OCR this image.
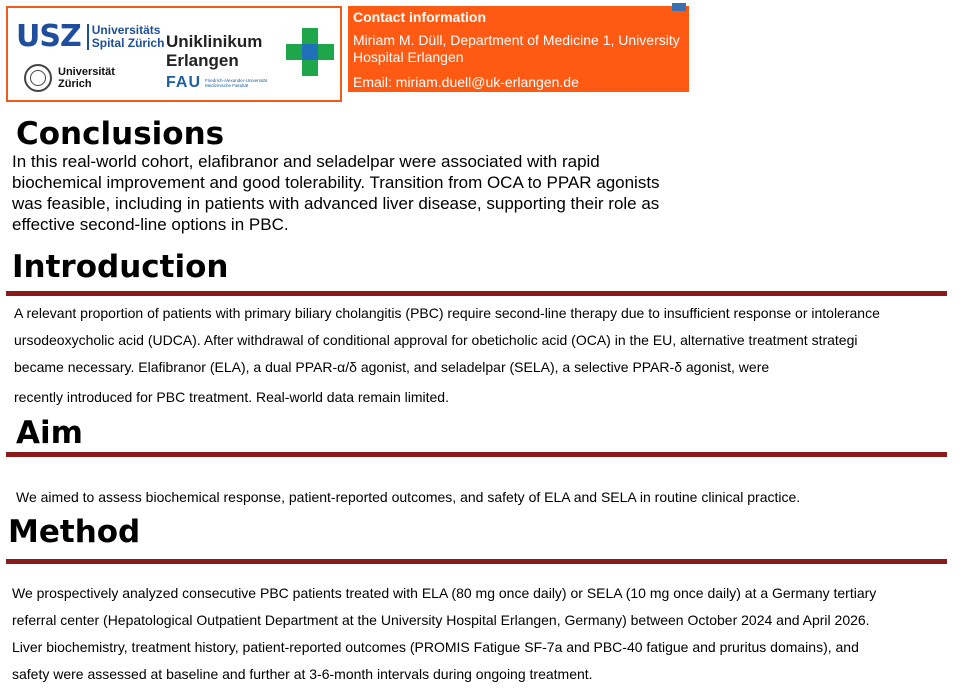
USZ Universitäts
Spital Zürich
Universität
Zürich
Uniklinikum
Erlangen
FAU Friedrich-Alexander-Universität
Medizinische Fakultät
Contact information
Miriam M. Düll, Department of Medicine 1, University
Hospital Erlangen
Email: miriam.duell@uk-erlangen.de
Conclusions
In this real-world cohort, elafibranor and seladelpar were associated with rapid
biochemical improvement and good tolerability. Transition from OCA to PPAR agonists
was feasible, including in patients with advanced liver disease, supporting their role as
effective second-line options in PBC.
Introduction
A relevant proportion of patients with primary biliary cholangitis (PBC) require second-line therapy due to insufficient response or intolerance
ursodeoxycholic acid (UDCA). After withdrawal of conditional approval for obeticholic acid (OCA) in the EU, alternative treatment strategi
became necessary. Elafibranor (ELA), a dual PPAR-α/δ agonist, and seladelpar (SELA), a selective PPAR-δ agonist, were
recently introduced for PBC treatment. Real-world data remain limited.
Aim
We aimed to assess biochemical response, patient-reported outcomes, and safety of ELA and SELA in routine clinical practice.
Method
We prospectively analyzed consecutive PBC patients treated with ELA (80 mg once daily) or SELA (10 mg once daily) at a Germany tertiary
referral center (Hepatological Outpatient Department at the University Hospital Erlangen, Germany) between October 2024 and April 2026.
Liver biochemistry, treatment history, patient-reported outcomes (PROMIS Fatigue SF-7a and PBC-40 fatigue and pruritus domains), and
safety were assessed at baseline and further at 3-6-month intervals during ongoing treatment.
